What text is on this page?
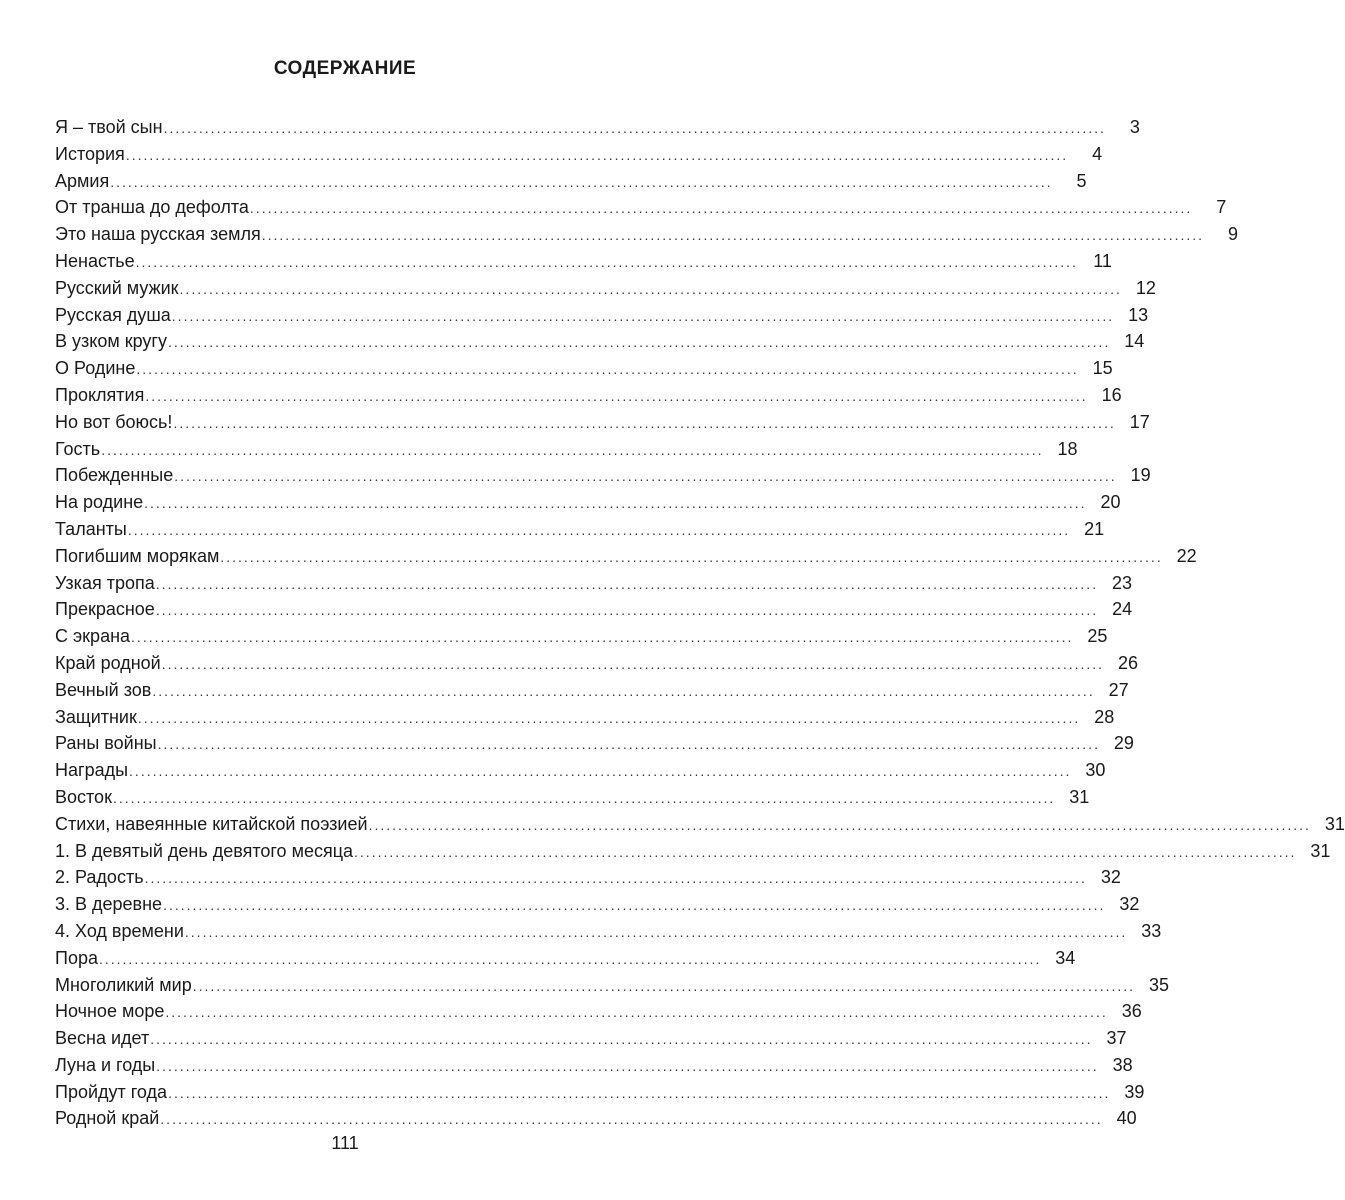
СОДЕРЖАНИЕ
Я – твой сын ................................................................................................................................................................	3
История ................................................................................................................................................................	4
Армия ................................................................................................................................................................	5
От транша до дефолта ................................................................................................................................................................	7
Это наша русская земля ................................................................................................................................................................	9
Ненастье ................................................................................................................................................................ 11
Русский мужик ................................................................................................................................................................ 12
Русская душа ................................................................................................................................................................ 13
В узком кругу ................................................................................................................................................................ 14
О Родине ................................................................................................................................................................ 15
Проклятия ................................................................................................................................................................ 16
Но вот боюсь! ................................................................................................................................................................ 17
Гость ................................................................................................................................................................ 18
Побежденные ................................................................................................................................................................ 19
На родине ................................................................................................................................................................ 20
Таланты ................................................................................................................................................................ 21
Погибшим морякам ................................................................................................................................................................ 22
Узкая тропа ................................................................................................................................................................ 23
Прекрасное ................................................................................................................................................................ 24
С экрана ................................................................................................................................................................ 25
Край родной ................................................................................................................................................................ 26
Вечный зов ................................................................................................................................................................ 27
Защитник ................................................................................................................................................................ 28
Раны войны ................................................................................................................................................................ 29
Награды ................................................................................................................................................................ 30
Восток ................................................................................................................................................................ 31
Стихи, навеянные китайской поэзией ................................................................................................................................................................ 31
1. В девятый день девятого месяца ................................................................................................................................................................ 31
2. Радость ................................................................................................................................................................ 32
3. В деревне ................................................................................................................................................................ 32
4. Ход времени ................................................................................................................................................................ 33
Пора ................................................................................................................................................................ 34
Многоликий мир ................................................................................................................................................................ 35
Ночное море ................................................................................................................................................................ 36
Весна идет ................................................................................................................................................................ 37
Луна и годы ................................................................................................................................................................ 38
Пройдут года ................................................................................................................................................................ 39
Родной край ................................................................................................................................................................ 40
111
